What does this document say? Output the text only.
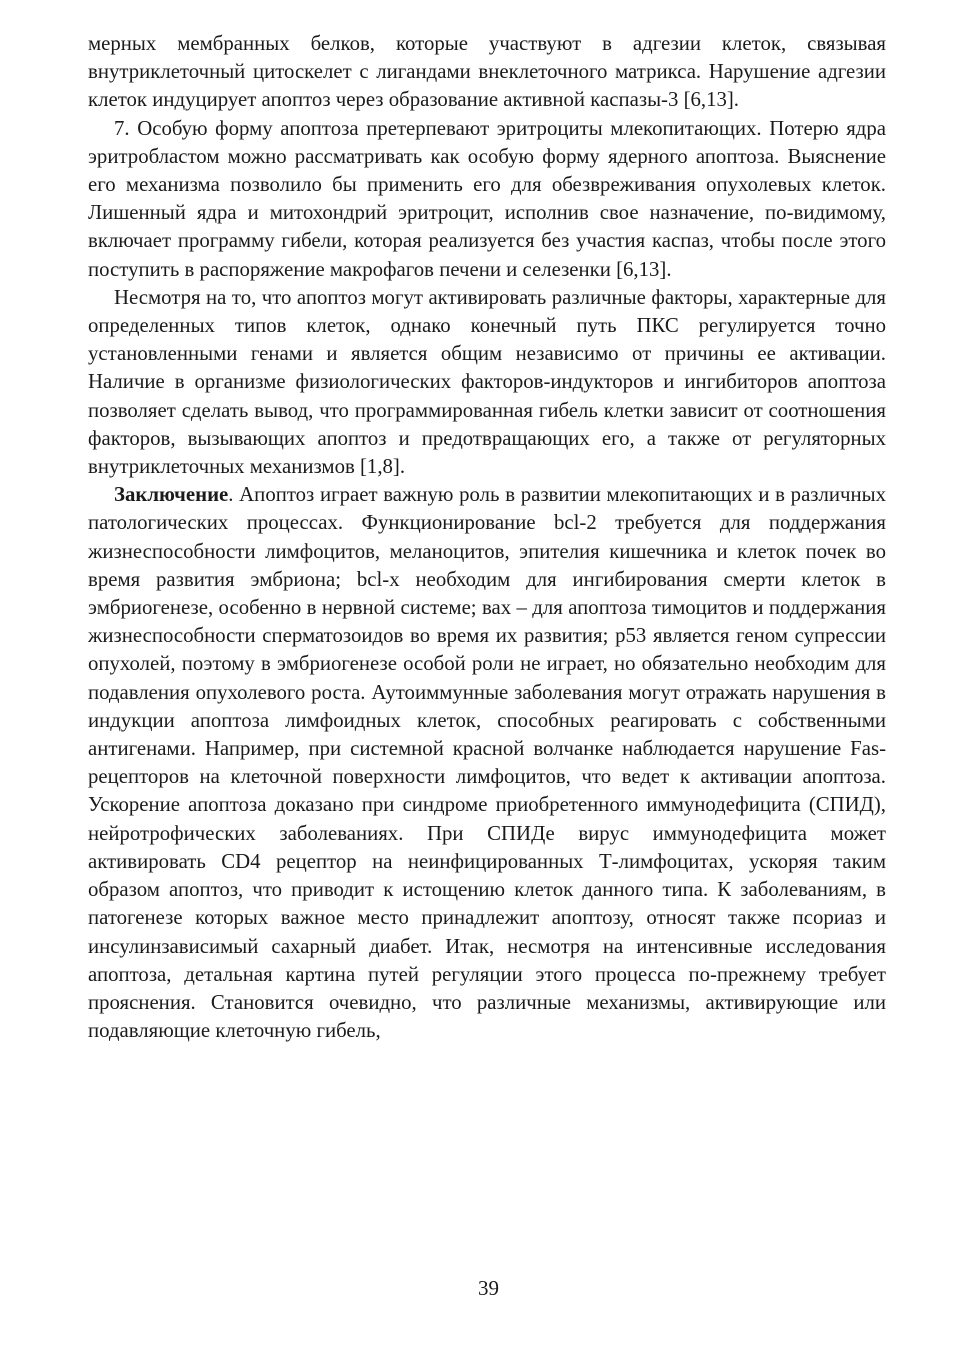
мерных мембранных белков, которые участвуют в адгезии клеток, связывая внутриклеточный цитоскелет с лигандами внеклеточного матрикса. Нарушение адгезии клеток индуцирует апоптоз через образование активной каспазы-3 [6,13].

7. Особую форму апоптоза претерпевают эритроциты млекопитающих. Потерю ядра эритробластом можно рассматривать как особую форму ядерного апоптоза. Выяснение его механизма позволило бы применить его для обезвреживания опухолевых клеток. Лишенный ядра и митохондрий эритроцит, исполнив свое назначение, по-видимому, включает программу гибели, которая реализуется без участия каспаз, чтобы после этого поступить в распоряжение макрофагов печени и селезенки [6,13].

Несмотря на то, что апоптоз могут активировать различные факторы, характерные для определенных типов клеток, однако конечный путь ПКС регулируется точно установленными генами и является общим независимо от причины ее активации. Наличие в организме физиологических факторов-индукторов и ингибиторов апоптоза позволяет сделать вывод, что программированная гибель клетки зависит от соотношения факторов, вызывающих апоптоз и предотвращающих его, а также от регуляторных внутриклеточных механизмов [1,8].

Заключение. Апоптоз играет важную роль в развитии млекопитающих и в различных патологических процессах. Функционирование bcl-2 требуется для поддержания жизнеспособности лимфоцитов, меланоцитов, эпителия кишечника и клеток почек во время развития эмбриона; bcl-x необходим для ингибирования смерти клеток в эмбриогенезе, особенно в нервной системе; вах – для апоптоза тимоцитов и поддержания жизнеспособности сперматозоидов во время их развития; p53 является геном супрессии опухолей, поэтому в эмбриогенезе особой роли не играет, но обязательно необходим для подавления опухолевого роста. Аутоиммунные заболевания могут отражать нарушения в индукции апоптоза лимфоидных клеток, способных реагировать с собственными антигенами. Например, при системной красной волчанке наблюдается нарушение Fas-рецепторов на клеточной поверхности лимфоцитов, что ведет к активации апоптоза. Ускорение апоптоза доказано при синдроме приобретенного иммунодефицита (СПИД), нейротрофических заболеваниях. При СПИДе вирус иммунодефицита может активировать CD4 рецептор на неинфицированных Т-лимфоцитах, ускоряя таким образом апоптоз, что приводит к истощению клеток данного типа. К заболеваниям, в патогенезе которых важное место принадлежит апоптозу, относят также псориаз и инсулинзависимый сахарный диабет. Итак, несмотря на интенсивные исследования апоптоза, детальная картина путей регуляции этого процесса по-прежнему требует прояснения. Становится очевидно, что различные механизмы, активирующие или подавляющие клеточную гибель,

39
